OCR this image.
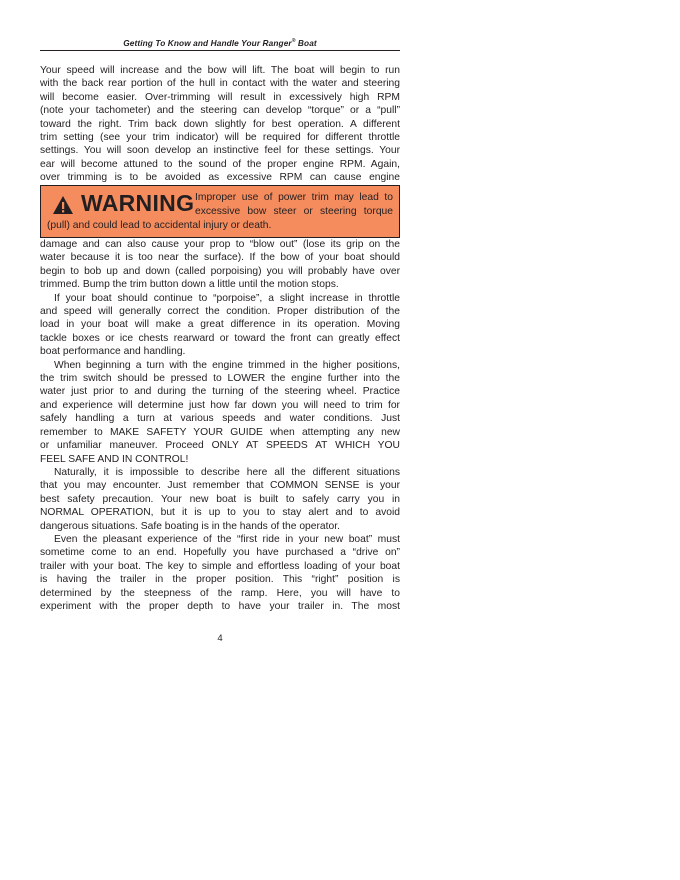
Getting To Know and Handle Your Ranger® Boat
Your speed will increase and the bow will lift. The boat will begin to run
with the back rear portion of the hull in contact with the water and steering
will become easier. Over-trimming will result in excessively high RPM
(note your tachometer) and the steering can develop “torque” or a “pull”
toward the right. Trim back down slightly for best operation. A different
trim setting (see your trim indicator) will be required for different throttle
settings. You will soon develop an instinctive feel for these settings. Your
ear will become attuned to the sound of the proper engine RPM. Again,
over trimming is to be avoided as excessive RPM can cause engine
WARNING Improper use of power trim may lead to
excessive bow steer or steering torque
(pull) and could lead to accidental injury or death.
damage and can also cause your prop to “blow out” (lose its grip on the
water because it is too near the surface). If the bow of your boat should
begin to bob up and down (called porpoising) you will probably have over
trimmed. Bump the trim button down a little until the motion stops.
If your boat should continue to “porpoise”, a slight increase in throttle
and speed will generally correct the condition. Proper distribution of the
load in your boat will make a great difference in its operation. Moving
tackle boxes or ice chests rearward or toward the front can greatly effect
boat performance and handling.
When beginning a turn with the engine trimmed in the higher positions,
the trim switch should be pressed to LOWER the engine further into the
water just prior to and during the turning of the steering wheel. Practice
and experience will determine just how far down you will need to trim for
safely handling a turn at various speeds and water conditions. Just
remember to MAKE SAFETY YOUR GUIDE when attempting any new
or unfamiliar maneuver. Proceed ONLY AT SPEEDS AT WHICH YOU
FEEL SAFE AND IN CONTROL!
Naturally, it is impossible to describe here all the different situations
that you may encounter. Just remember that COMMON SENSE is your
best safety precaution. Your new boat is built to safely carry you in
NORMAL OPERATION, but it is up to you to stay alert and to avoid
dangerous situations. Safe boating is in the hands of the operator.
Even the pleasant experience of the “first ride in your new boat” must
sometime come to an end. Hopefully you have purchased a “drive on”
trailer with your boat. The key to simple and effortless loading of your boat
is having the trailer in the proper position. This “right” position is
determined by the steepness of the ramp. Here, you will have to
experiment with the proper depth to have your trailer in. The most
4
